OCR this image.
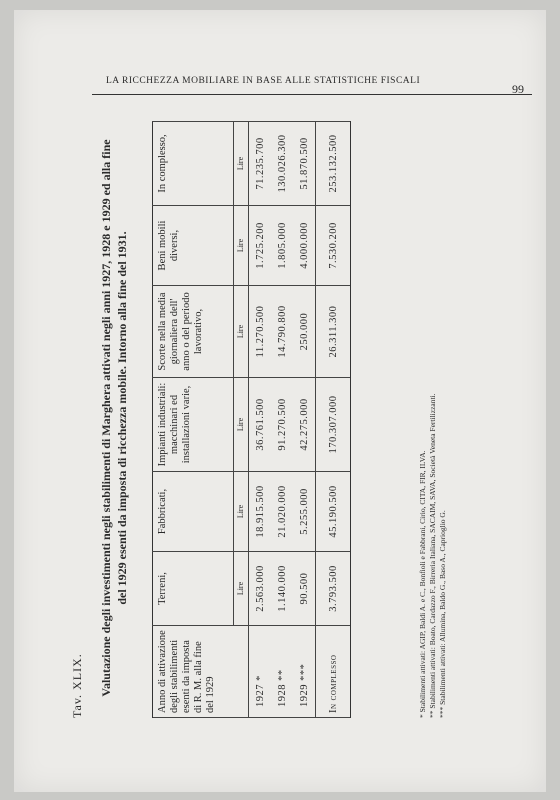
LA RICCHEZZA MOBILIARE IN BASE ALLE STATISTICHE FISCALI
99
Tav. XLIX. Valutazione degli investimenti negli stabilimenti di Marghera attivati negli anni 1927, 1928 e 1929 ed alla fine del 1929 esenti da imposta di ricchezza mobile. Intorno alla fine del 1931.
Anno di attivazione degli stabilimenti esenti da imposta di R. M. alla fine del 1929	Terreni,	Fabbricati,	Impianti industriali: macchinari ed installazioni varie,	Scorte nella media giornaliera dell' anno o del periodo lavorativo,	Beni mobili diversi,	In complesso,
	Lire	Lire	Lire	Lire	Lire	Lire
1927 *	2.563.000	18.915.500	36.761.500	11.270.500	1.725.200	71.235.700
1928 **	1.140.000	21.020.000	91.270.500	14.790.800	1.805.000	130.026.300
1929 ***	90.500	5.255.000	42.275.000	250.000	4.000.000	51.870.500
In complesso	3.793.500	45.190.500	170.307.000	26.311.300	7.530.200	253.132.500
* Stabilimenti attivati: AGIP, Baldi A. e C., Bonfioli e Fabbrani, Cirio, CITA, FIR, ILVA. ** Stabilimenti attivati: Boato, Cardazzo F., Birreria Italiana, SACAIM, SAVA, Società Veneta Fertilizzanti. *** Stabilimenti attivati: Allumina, Baldo G., Baso A., Caprioglio G.
